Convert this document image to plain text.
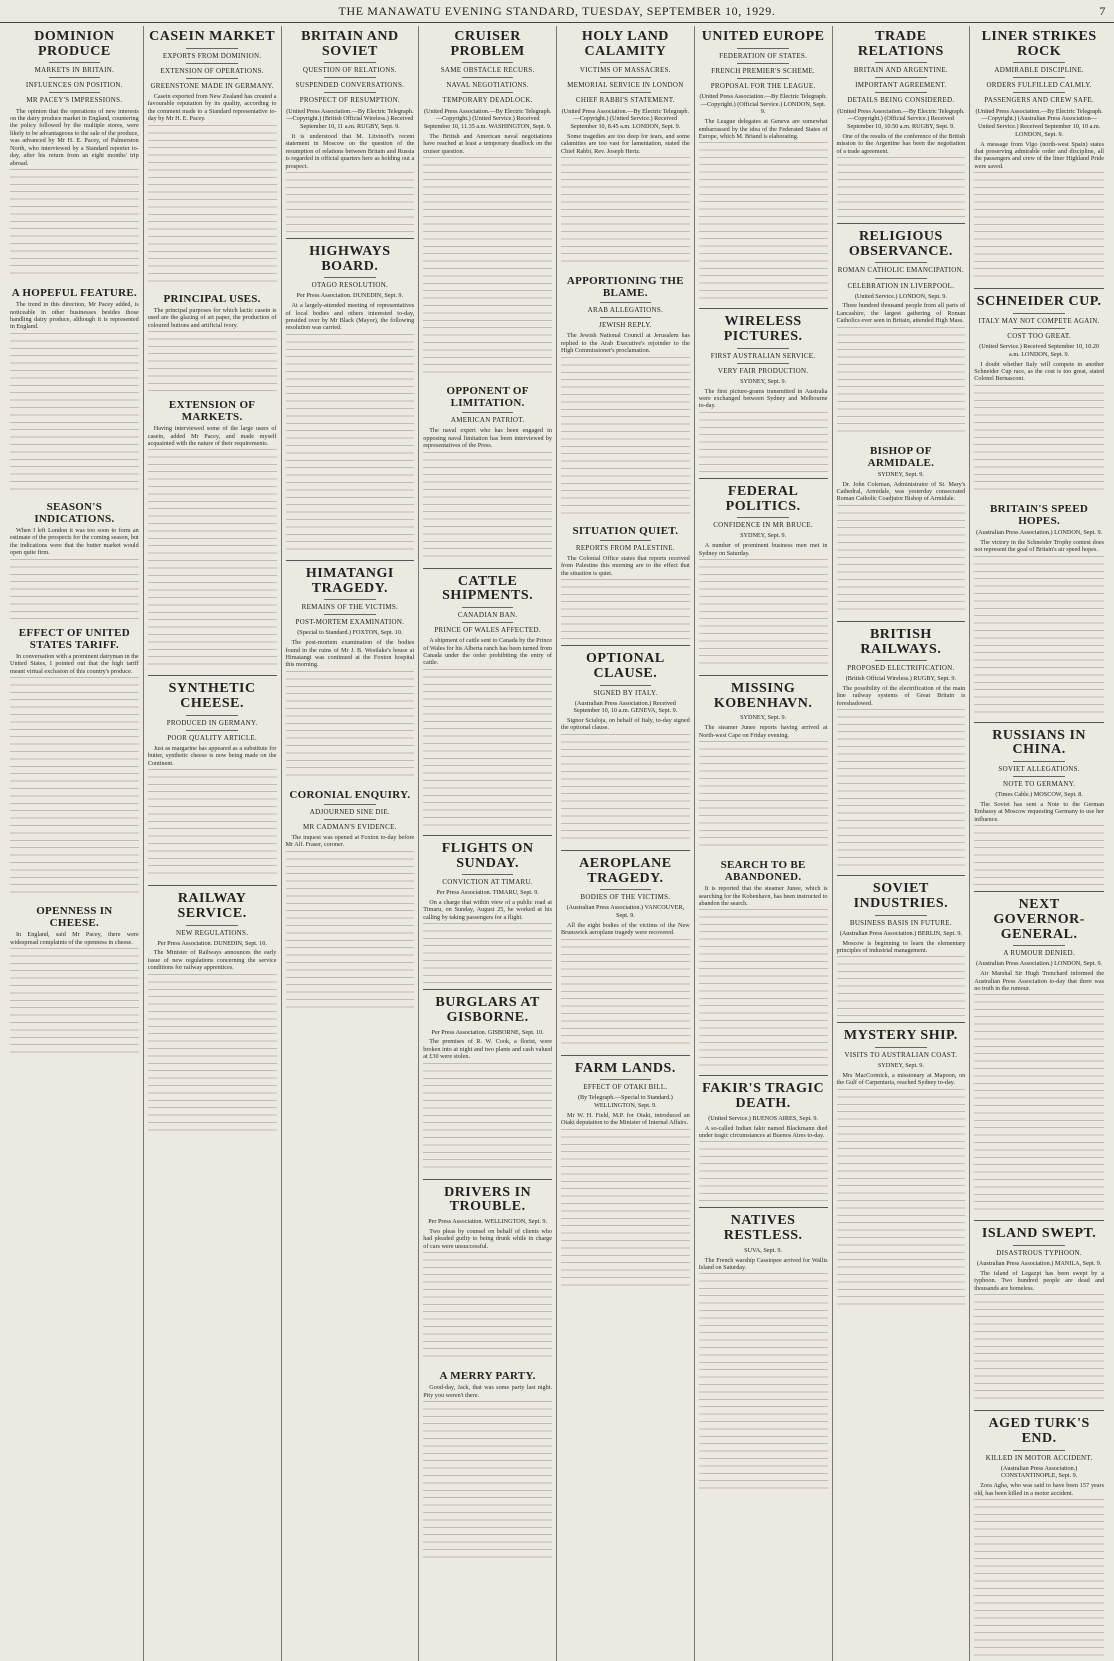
THE MANAWATU EVENING STANDARD, TUESDAY, SEPTEMBER 10, 1929.	7
DOMINION PRODUCE
MARKETS IN BRITAIN.
INFLUENCES ON POSITION.
MR PACEY'S IMPRESSIONS.
The opinion that the operations of new interests on the dairy produce market in England, countering the policy followed by the multiple stores, were likely to be advantageous to the sale of the produce, was advanced by Mr H. E. Pacey, of Palmerston North, who interviewed by a Standard reporter to-day, after his return from an eight months' trip abroad.
A HOPEFUL FEATURE.
The trend in this direction, Mr Pacey added, is noticeable in other businesses besides those handling dairy produce, although it is represented in England.
SEASON'S INDICATIONS.
When I left London it was too soon to form an estimate of the prospects for the coming season, but the indications were that the butter market would open quite firm.
EFFECT OF UNITED STATES TARIFF.
In conversation with a prominent dairyman in the United States, I pointed out that the high tariff meant virtual exclusion of this country's produce.
OPENNESS IN CHEESE.
In England, said Mr Pacey, there were widespread complaints of the openness in cheese.
CASEIN MARKET
EXPORTS FROM DOMINION.
EXTENSION OF OPERATIONS.
GREENSTONE MADE IN GERMANY.
Casein exported from New Zealand has created a favourable reputation by its quality, according to the comment made to a Standard representative to-day by Mr H. E. Pacey.
PRINCIPAL USES.
The principal purposes for which lactic casein is used are the glazing of art paper, the production of coloured buttons and artificial ivory.
EXTENSION OF MARKETS.
Having interviewed some of the large users of casein, added Mr Pacey, and made myself acquainted with the nature of their requirements.
SYNTHETIC CHEESE.
PRODUCED IN GERMANY.
POOR QUALITY ARTICLE.
Just as margarine has appeared as a substitute for butter, synthetic cheese is now being made on the Continent.
RAILWAY SERVICE.
NEW REGULATIONS.
Per Press Association. DUNEDIN, Sept. 10.
The Minister of Railways announces the early issue of new regulations concerning the service conditions for railway apprentices.
BRITAIN AND SOVIET
QUESTION OF RELATIONS.
SUSPENDED CONVERSATIONS.
PROSPECT OF RESUMPTION.
(United Press Association.—By Electric Telegraph.—Copyright.) (British Official Wireless.) Received September 10, 11 a.m. RUGBY, Sept. 9.
It is understood that M. Litvinoff's recent statement in Moscow on the question of the resumption of relations between Britain and Russia is regarded in official quarters here as holding out a prospect.
HIGHWAYS BOARD.
OTAGO RESOLUTION.
Per Press Association. DUNEDIN, Sept. 9.
At a largely-attended meeting of representatives of local bodies and others interested to-day, presided over by Mr Black (Mayor), the following resolution was carried.
HIMATANGI TRAGEDY.
REMAINS OF THE VICTIMS.
POST-MORTEM EXAMINATION.
(Special to Standard.) FOXTON, Sept. 10.
The post-mortem examination of the bodies found in the ruins of Mr J. B. Westlake's house at Himatangi was continued at the Foxton hospital this morning.
CORONIAL ENQUIRY.
ADJOURNED SINE DIE.
MR CADMAN'S EVIDENCE.
The inquest was opened at Foxton to-day before Mr Alf. Fraser, coroner.
CRUISER PROBLEM
SAME OBSTACLE RECURS.
NAVAL NEGOTIATIONS.
TEMPORARY DEADLOCK.
(United Press Association.—By Electric Telegraph.—Copyright.) (United Service.) Received September 10, 11.35 a.m. WASHINGTON, Sept. 9.
The British and American naval negotiations have reached at least a temporary deadlock on the cruiser question.
OPPONENT OF LIMITATION.
AMERICAN PATRIOT.
The naval expert who has been engaged in opposing naval limitation has been interviewed by representatives of the Press.
CATTLE SHIPMENTS.
CANADIAN BAN.
PRINCE OF WALES AFFECTED.
A shipment of cattle sent to Canada by the Prince of Wales for his Alberta ranch has been turned from Canada under the order prohibiting the entry of cattle.
FLIGHTS ON SUNDAY.
CONVICTION AT TIMARU.
Per Press Association. TIMARU, Sept. 9.
On a charge that within view of a public road at Timaru, on Sunday, August 25, he worked at his calling by taking passengers for a flight.
BURGLARS AT GISBORNE.
Per Press Association. GISBORNE, Sept. 10.
The premises of R. W. Cook, a florist, were broken into at night and two plants and cash valued at £30 were stolen.
DRIVERS IN TROUBLE.
Per Press Association. WELLINGTON, Sept. 9.
Two pleas by counsel on behalf of clients who had pleaded guilty to being drunk while in charge of cars were unsuccessful.
A MERRY PARTY.
Good-day, Jack, that was some party last night. Pity you weren't there.
HOLY LAND CALAMITY
VICTIMS OF MASSACRES.
MEMORIAL SERVICE IN LONDON
CHIEF RABBI'S STATEMENT.
(United Press Association.—By Electric Telegraph.—Copyright.) (United Service.) Received September 10, 8.45 a.m. LONDON, Sept. 9.
Some tragedies are too deep for tears, and some calamities are too vast for lamentation, stated the Chief Rabbi, Rev. Joseph Hertz.
APPORTIONING THE BLAME.
ARAB ALLEGATIONS.
JEWISH REPLY.
The Jewish National Council at Jerusalem has replied to the Arab Executive's rejoinder to the High Commissioner's proclamation.
SITUATION QUIET.
REPORTS FROM PALESTINE.
The Colonial Office states that reports received from Palestine this morning are to the effect that the situation is quiet.
OPTIONAL CLAUSE.
SIGNED BY ITALY.
(Australian Press Association.) Received September 10, 10 a.m. GENEVA, Sept. 9.
Signor Scialoja, on behalf of Italy, to-day signed the optional clause.
AEROPLANE TRAGEDY.
BODIES OF THE VICTIMS.
(Australian Press Association.) VANCOUVER, Sept. 9.
All the eight bodies of the victims of the New Brunswick aeroplane tragedy were recovered.
FARM LANDS.
EFFECT OF OTAKI BILL.
(By Telegraph.—Special to Standard.) WELLINGTON, Sept. 9.
Mr W. H. Field, M.P. for Otaki, introduced an Otaki deputation to the Minister of Internal Affairs.
UNITED EUROPE
FEDERATION OF STATES.
FRENCH PREMIER'S SCHEME.
PROPOSAL FOR THE LEAGUE.
(United Press Association.—By Electric Telegraph.—Copyright.) (Official Service.) LONDON, Sept. 9.
The League delegates at Geneva are somewhat embarrassed by the idea of the Federated States of Europe, which M. Briand is elaborating.
WIRELESS PICTURES.
FIRST AUSTRALIAN SERVICE.
VERY FAIR PRODUCTION.
SYDNEY, Sept. 9.
The first picture-grams transmitted in Australia were exchanged between Sydney and Melbourne to-day.
FEDERAL POLITICS.
CONFIDENCE IN MR BRUCE.
SYDNEY, Sept. 9.
A number of prominent business men met in Sydney on Saturday.
MISSING KOBENHAVN.
SYDNEY, Sept. 9.
The steamer Junee reports having arrived at North-west Cape on Friday evening.
SEARCH TO BE ABANDONED.
It is reported that the steamer Junee, which is searching for the Kobenhavn, has been instructed to abandon the search.
FAKIR'S TRAGIC DEATH.
(United Service.) BUENOS AIRES, Sept. 9.
A so-called Indian fakir named Blackmann died under tragic circumstances at Buenos Aires to-day.
NATIVES RESTLESS.
SUVA, Sept. 9.
The French warship Cassiopee arrived for Wallis Island on Saturday.
TRADE RELATIONS
BRITAIN AND ARGENTINE.
IMPORTANT AGREEMENT.
DETAILS BEING CONSIDERED.
(United Press Association.—By Electric Telegraph.—Copyright.) (Official Service.) Received September 10, 10.50 a.m. RUGBY, Sept. 9.
One of the results of the conference of the British mission to the Argentine has been the negotiation of a trade agreement.
RELIGIOUS OBSERVANCE.
ROMAN CATHOLIC EMANCIPATION.
CELEBRATION IN LIVERPOOL.
(United Service.) LONDON, Sept. 9.
Three hundred thousand people from all parts of Lancashire, the largest gathering of Roman Catholics ever seen in Britain, attended High Mass.
BISHOP OF ARMIDALE.
SYDNEY, Sept. 9.
Dr. John Coleman, Administrator of St. Mary's Cathedral, Armidale, was yesterday consecrated Roman Catholic Coadjutor Bishop of Armidale.
BRITISH RAILWAYS.
PROPOSED ELECTRIFICATION.
(British Official Wireless.) RUGBY, Sept. 9.
The possibility of the electrification of the main line railway systems of Great Britain is foreshadowed.
SOVIET INDUSTRIES.
BUSINESS BASIS IN FUTURE.
(Australian Press Association.) BERLIN, Sept. 9.
Moscow is beginning to learn the elementary principles of industrial management.
MYSTERY SHIP.
VISITS TO AUSTRALIAN COAST.
SYDNEY, Sept. 9.
Mrs MacCormick, a missionary at Mapoon, on the Gulf of Carpentaria, reached Sydney to-day.
LINER STRIKES ROCK
ADMIRABLE DISCIPLINE.
ORDERS FULFILLED CALMLY.
PASSENGERS AND CREW SAFE.
(United Press Association.—By Electric Telegraph.—Copyright.) (Australian Press Association—United Service.) Received September 10, 10 a.m. LONDON, Sept. 9.
A message from Vigo (north-west Spain) states that preserving admirable order and discipline, all the passengers and crew of the liner Highland Pride were saved.
SCHNEIDER CUP.
ITALY MAY NOT COMPETE AGAIN.
COST TOO GREAT.
(United Service.) Received September 10, 10.20 a.m. LONDON, Sept. 9.
I doubt whether Italy will compete in another Schneider Cup race, as the cost is too great, stated Colonel Bernasconi.
BRITAIN'S SPEED HOPES.
(Australian Press Association.) LONDON, Sept. 9.
The victory in the Schneider Trophy contest does not represent the goal of Britain's air speed hopes.
RUSSIANS IN CHINA.
SOVIET ALLEGATIONS.
NOTE TO GERMANY.
(Times Cable.) MOSCOW, Sept. 8.
The Soviet has sent a Note to the German Embassy at Moscow requesting Germany to use her influence.
NEXT GOVERNOR-GENERAL.
A RUMOUR DENIED.
(Australian Press Association.) LONDON, Sept. 9.
Air Marshal Sir Hugh Trenchard informed the Australian Press Association to-day that there was no truth in the rumour.
ISLAND SWEPT.
DISASTROUS TYPHOON.
(Australian Press Association.) MANILA, Sept. 9.
The island of Legazpi has been swept by a typhoon. Two hundred people are dead and thousands are homeless.
AGED TURK'S END.
KILLED IN MOTOR ACCIDENT.
(Australian Press Association.) CONSTANTINOPLE, Sept. 9.
Zora Agha, who was said to have been 157 years old, has been killed in a motor accident.
